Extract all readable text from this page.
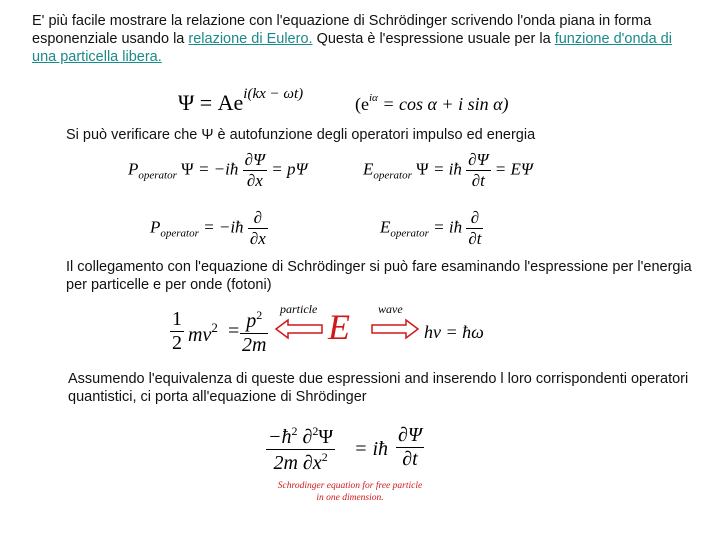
E' più facile mostrare la relazione con l'equazione di Schrödinger scrivendo l'onda piana in forma esponenziale usando la relazione di Eulero. Questa è l'espressione usuale per la funzione d'onda di una particella libera.
$\Psi = Ae^{i(kx - \omega t)}$	($e^{i\alpha} = \cos \alpha + i$ sin α)
Si può verificare che Ψ è autofunzione degli operatori impulso ed energia
$P_{operator}$ Ψ = −iħ $\frac{\partial\Psi}{\partial x} = p\Psi$	$E_{operator}$ Ψ = iħ $\frac{\partial\Psi}{\partial t} = E\Psi$
$P_{operator}$ = −iħ $\frac{\partial}{\partial x}$	$E_{operator}$ = iħ $\frac{\partial}{\partial t}$
Il collegamento con l'equazione di Schrödinger si può fare esaminando l'espressione per l'energia per particelle e per onde (fotoni)
$\frac{1}{2} mv^2 = \frac{p^2}{2m}$ particle E wave
hν = ħω
Assumendo l'equivalenza di queste due espressioni and inserendo l loro corrispondenti operatori quantistici, ci porta all'equazione di Shrödinger
$\frac{-ħ^2 \partial^2\Psi}{2m \partial x^2}$ = iħ $\frac{\partial\Psi}{\partial t}$
Schrodinger equation for free particle
in one dimension.
